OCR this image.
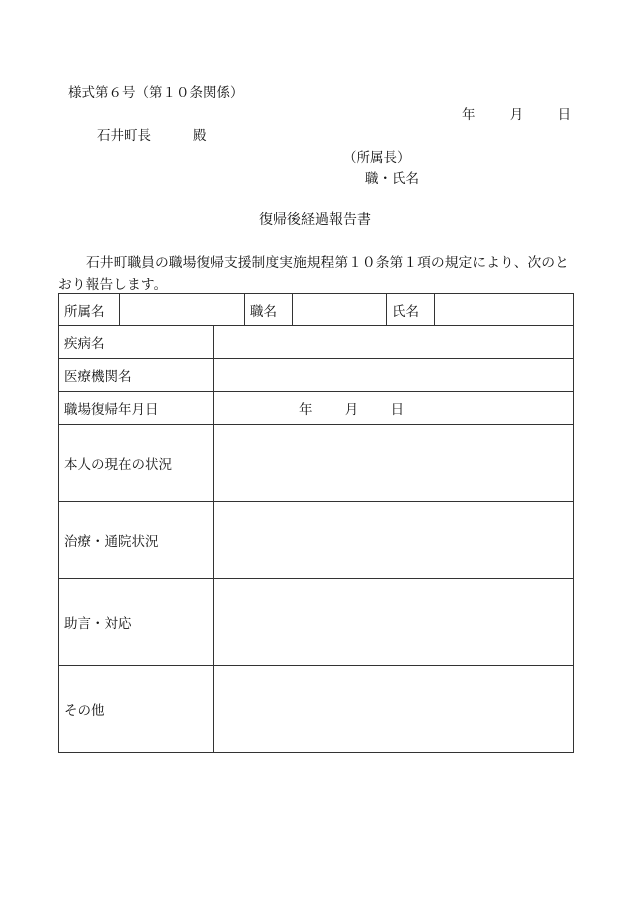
様式第６号（第１０条関係）
年	月	日
石井町長	殿
（所属長）
職・氏名
復帰後経過報告書
石井町職員の職場復帰支援制度実施規程第１０条第１項の規定により、次のとおり報告します。
所属名			職名		氏名	
疾病名						
医療機関名						
職場復帰年月日		年 月 日				
本人の現在の状況						
治療・通院状況						
助言・対応						
その他						
